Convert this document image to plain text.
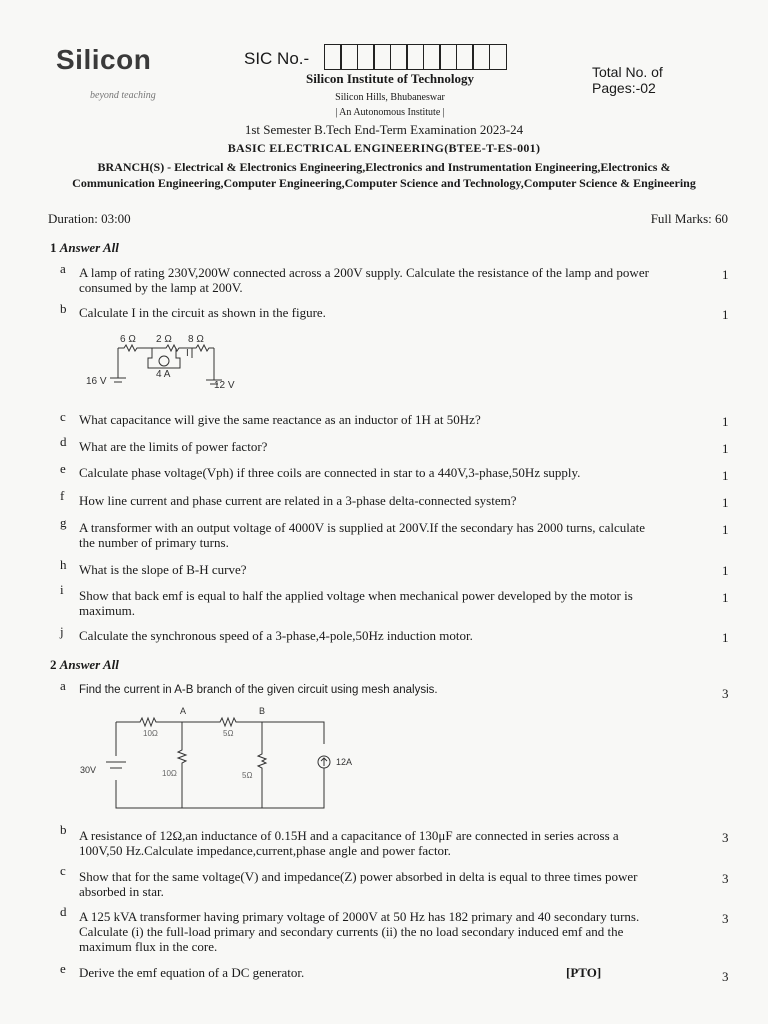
Silicon
beyond teaching
SIC No.-
Total No. of
Pages:-02
Silicon Institute of Technology
Silicon Hills, Bhubaneswar
| An Autonomous Institute |
1st Semester B.Tech End-Term Examination 2023-24
BASIC ELECTRICAL ENGINEERING(BTEE-T-ES-001)
BRANCH(S) - Electrical & Electronics Engineering,Electronics and Instrumentation Engineering,Electronics & Communication Engineering,Computer Engineering,Computer Science and Technology,Computer Science & Engineering
Duration: 03:00	Full Marks: 60
1 Answer All
a A lamp of rating 230V,200W connected across a 200V supply. Calculate the resistance of the lamp and power consumed by the lamp at 200V.
1
b Calculate I in the circuit as shown in the figure.	1
6 Ω 2 Ω 8 Ω
4 A
I
16 V	12 V
c What capacitance will give the same reactance as an inductor of 1H at 50Hz?	1
d What are the limits of power factor?	1
e Calculate phase voltage(Vph) if three coils are connected in star to a 440V,3-phase,50Hz supply.	1
f How line current and phase current are related in a 3-phase delta-connected system?	1
g A transformer with an output voltage of 4000V is supplied at 200V.If the secondary has 2000 turns, calculate the number of primary turns.
1
h What is the slope of B-H curve?	1
i Show that back emf is equal to half the applied voltage when mechanical power developed by the motor is maximum.
1
j Calculate the synchronous speed of a 3-phase,4-pole,50Hz induction motor.	1
2 Answer All
a Find the current in A-B branch of the given circuit using mesh analysis.	3
A	B
10Ω	5Ω
10Ω	5Ω
30V
12A
b A resistance of 12Ω,an inductance of 0.15H and a capacitance of 130μF are connected in series across a 100V,50 Hz.Calculate impedance,current,phase angle and power factor.
3
c Show that for the same voltage(V) and impedance(Z) power absorbed in delta is equal to three times power absorbed in star.
3
d A 125 kVA transformer having primary voltage of 2000V at 50 Hz has 182 primary and 40 secondary turns. Calculate (i) the full-load primary and secondary currents (ii) the no load secondary induced emf and the maximum flux in the core.
3
e Derive the emf equation of a DC generator.	[PTO]	3
